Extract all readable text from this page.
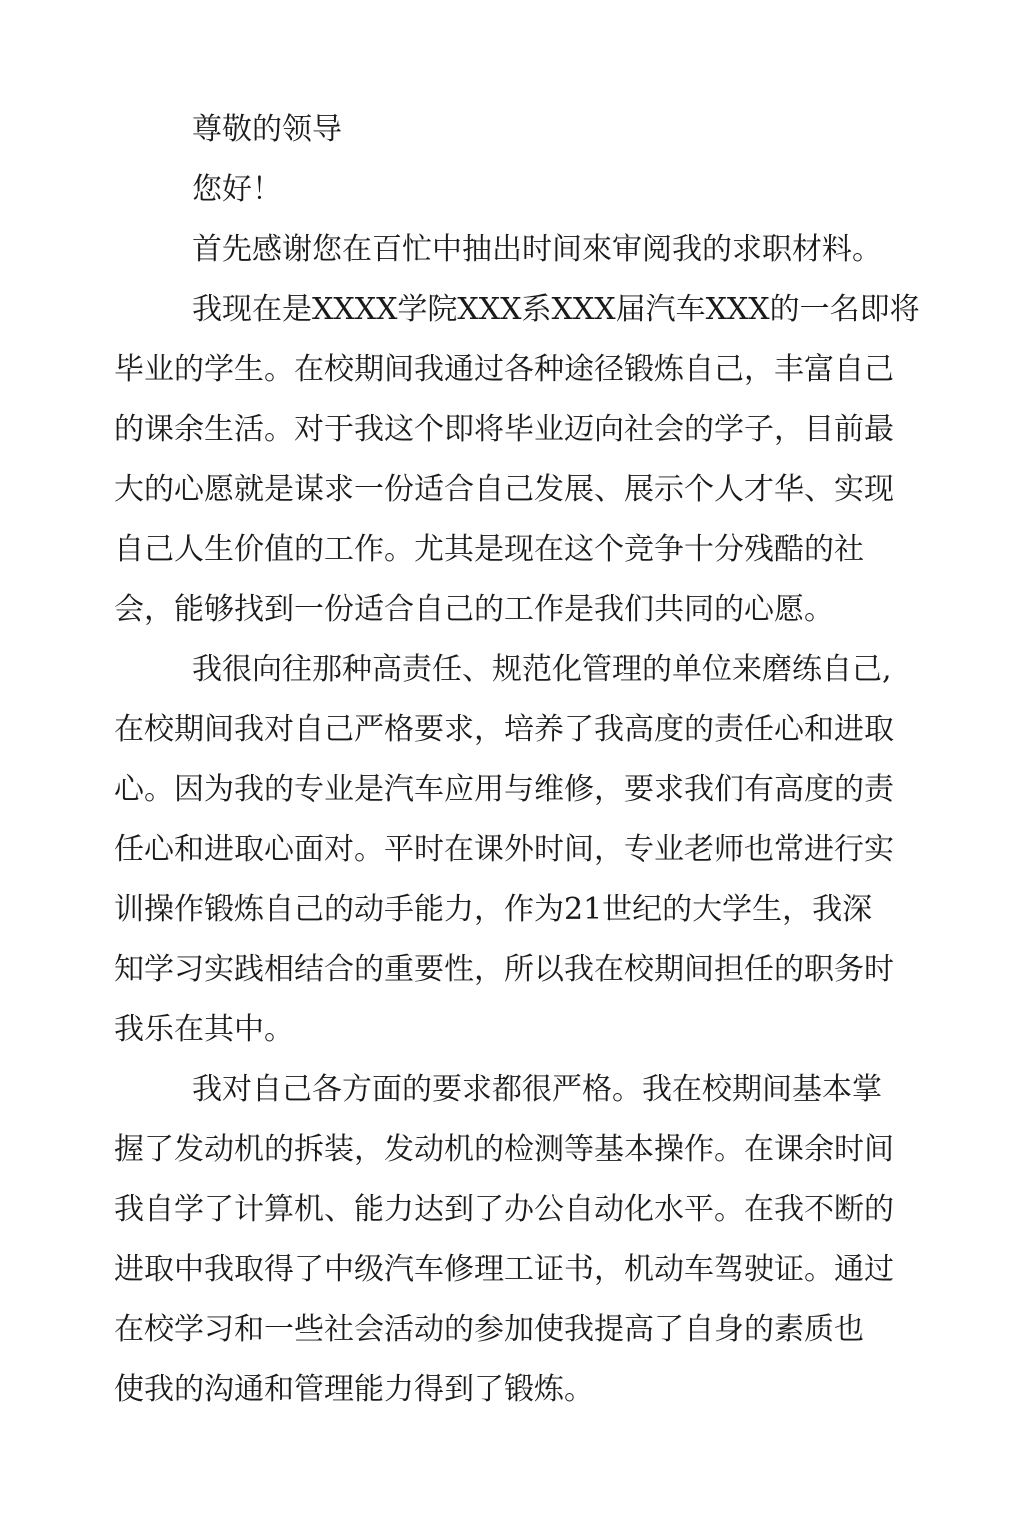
尊敬的领导

您好！

首先感谢您在百忙中抽出时间來审阅我的求职材料。

我现在是XXXX学院XXX系XXX届汽车XXX的一名即将

毕业的学生。在校期间我通过各种途径锻炼自己，丰富自己

的课余生活。对于我这个即将毕业迈向社会的学子，目前最

大的心愿就是谋求一份适合自己发展、展示个人才华、实现

自己人生价值的工作。尤其是现在这个竞争十分残酷的社

会，能够找到一份适合自己的工作是我们共同的心愿。

我很向往那种高责任、规范化管理的单位来磨练自己,

在校期间我对自己严格要求，培养了我高度的责任心和进取

心。因为我的专业是汽车应用与维修，要求我们有高度的责

任心和进取心面对。平时在课外时间，专业老师也常进行实

训操作锻炼自己的动手能力，作为21世纪的大学生，我深

知学习实践相结合的重要性，所以我在校期间担任的职务时

我乐在其中。

我对自己各方面的要求都很严格。我在校期间基本掌

握了发动机的拆装，发动机的检测等基本操作。在课余时间

我自学了计算机、能力达到了办公自动化水平。在我不断的

进取中我取得了中级汽车修理工证书，机动车驾驶证。通过

在校学习和一些社会活动的参加使我提高了自身的素质也

使我的沟通和管理能力得到了锻炼。
